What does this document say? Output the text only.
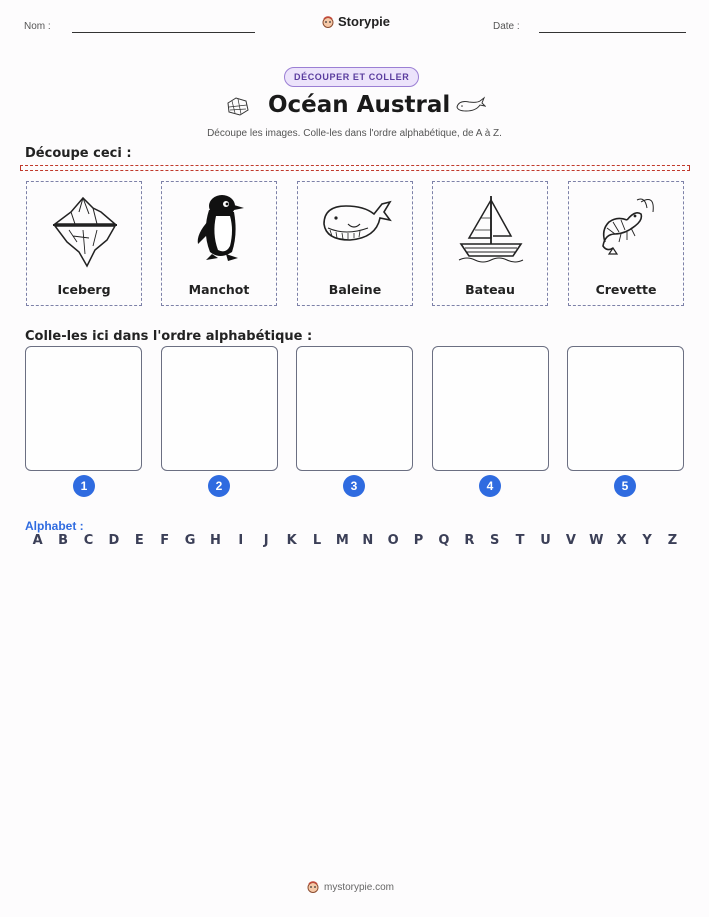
Nom :	Storypie	Date :
DÉCOUPER ET COLLER
Océan Austral
Découpe les images. Colle-les dans l'ordre alphabétique, de A à Z.
Découpe ceci :
Iceberg	Manchot	Baleine	Bateau	Crevette
Colle-les ici dans l'ordre alphabétique :
1	2	3	4	5
Alphabet :
A	B	C	D	E	F	G	H	I	J	K	L	M	N	O	P	Q	R	S	T	U	V	W	X	Y	Z
mystorypie.com
